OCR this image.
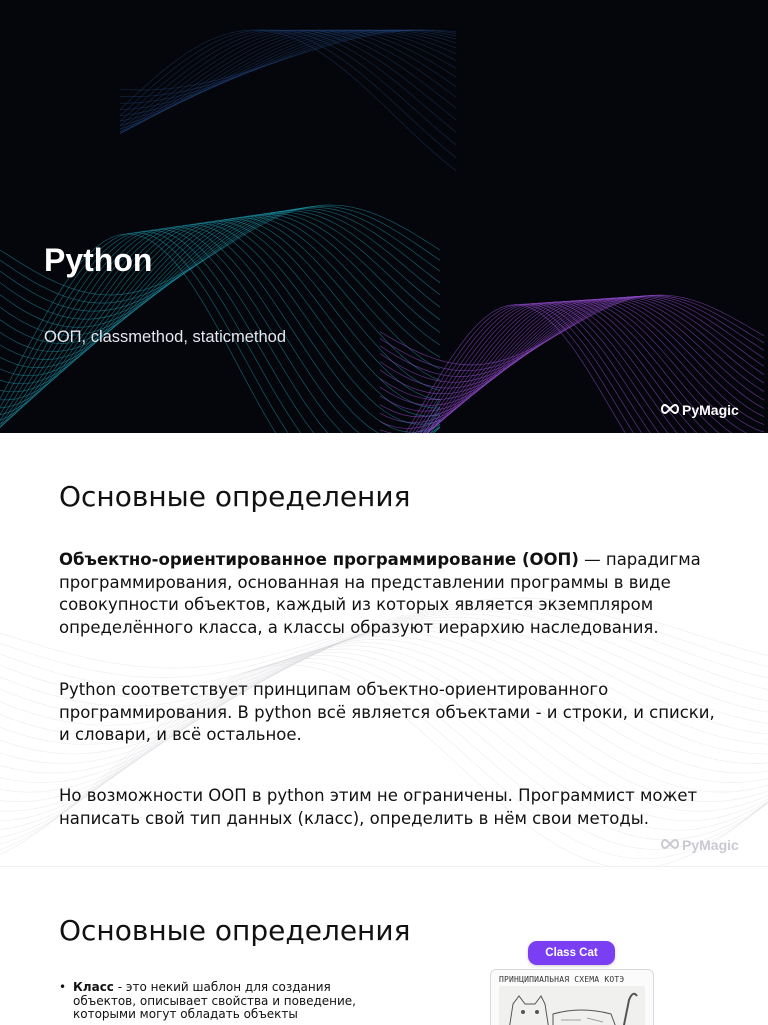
Python
ООП, classmethod, staticmethod
PyMagic
Основные определения
Объектно-ориентированное программирование (ООП) — парадигма программирования, основанная на представлении программы в виде совокупности объектов, каждый из которых является экземпляром определённого класса, а классы образуют иерархию наследования.
Python соответствует принципам объектно-ориентированного программирования. В python всё является объектами - и строки, и списки, и словари, и всё остальное.
Но возможности ООП в python этим не ограничены. Программист может написать свой тип данных (класс), определить в нём свои методы.
PyMagic
Основные определения
• Класс - это некий шаблон для создания объектов, описывает свойства и поведение, которыми могут обладать объекты
Class Cat
ПРИНЦИПИАЛЬНАЯ СХЕМА КОТЭ
